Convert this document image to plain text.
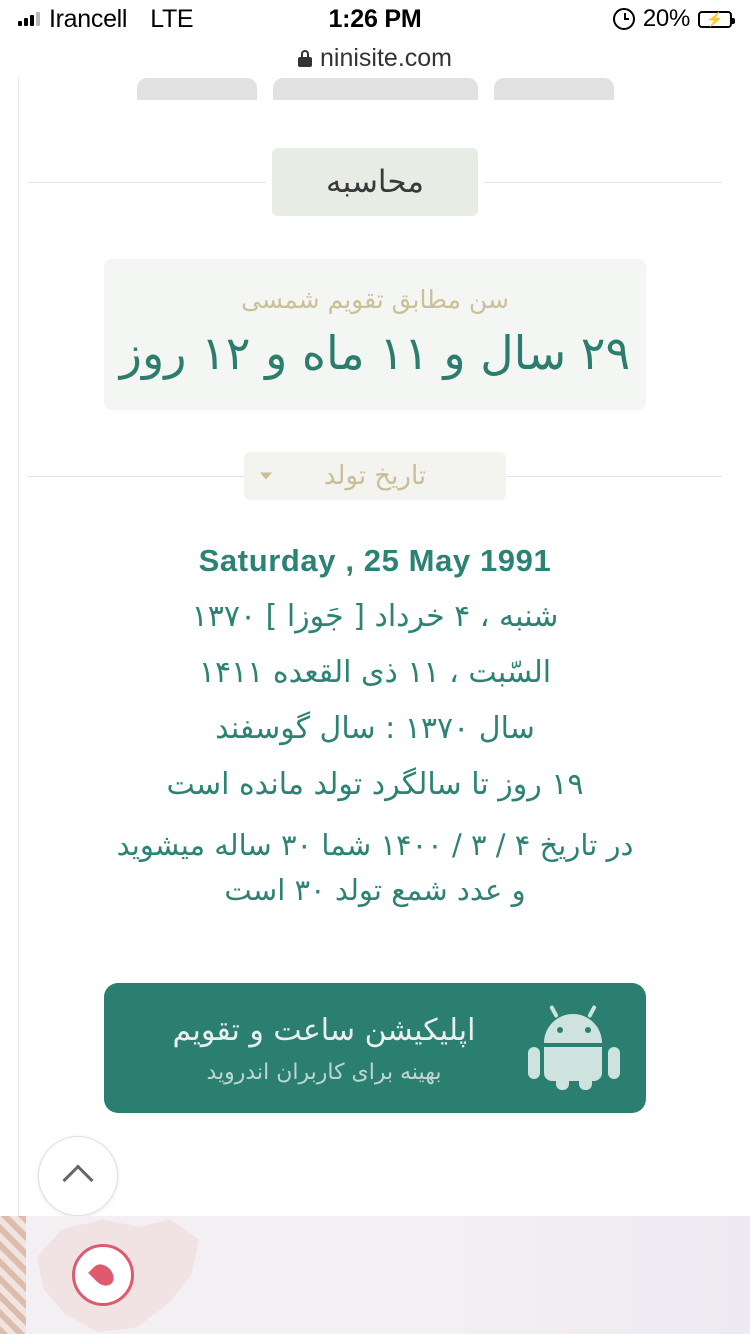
Irancell LTE	1:26 PM	20% ⚡
ninisite.com
محاسبه
سن مطابق تقویم شمسی
۲۹ سال و ۱۱ ماه و ۱۲ روز
تاریخ تولد
Saturday , 25 May 1991
شنبه ، ۴ خرداد [ جَوزا ] ۱۳۷۰
السّبت ، ۱۱ ذی القعده ۱۴۱۱
سال ۱۳۷۰ : سال گوسفند
۱۹ روز تا سالگرد تولد مانده است
در تاریخ ۴ / ۳ / ۱۴۰۰ شما ۳۰ ساله میشوید و عدد شمع تولد ۳۰ است
اپلیکیشن ساعت و تقویم
بهینه برای کاربران اندروید
